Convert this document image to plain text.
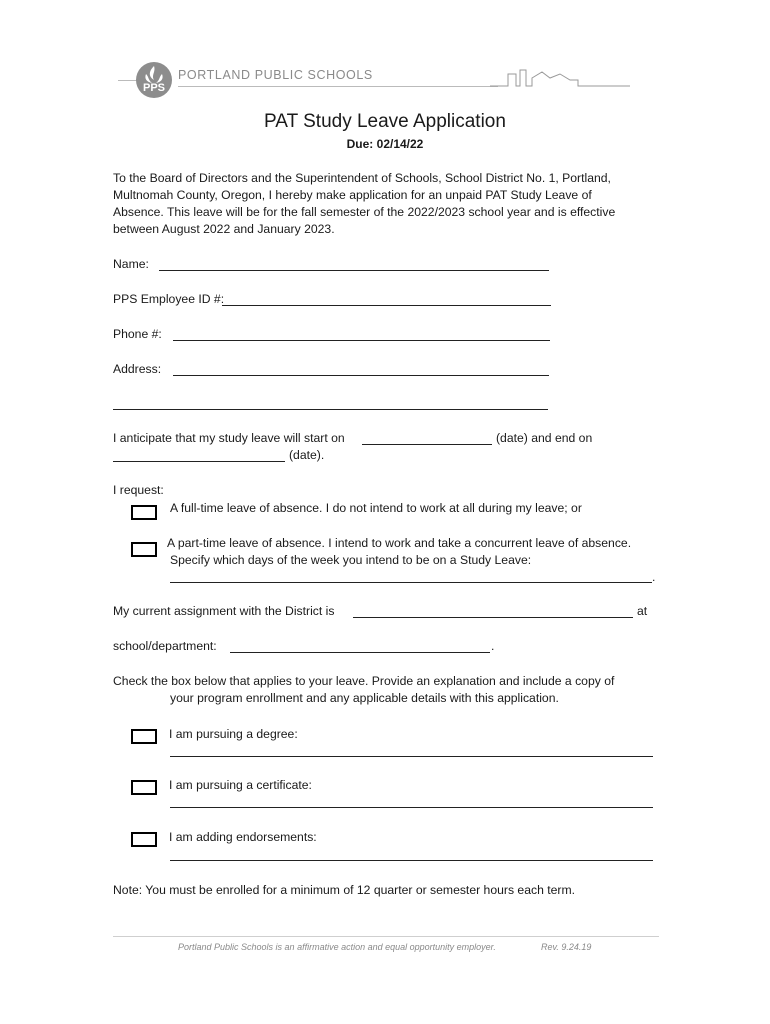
PPS
PORTLAND PUBLIC SCHOOLS
PAT Study Leave Application
Due: 02/14/22
To the Board of Directors and the Superintendent of Schools, School District No. 1, Portland,
Multnomah County, Oregon, I hereby make application for an unpaid PAT Study Leave of
Absence. This leave will be for the fall semester of the 2022/2023 school year and is effective
between August 2022 and January 2023.
Name:
PPS Employee ID #:
Phone #:
Address:
I anticipate that my study leave will start on	(date) and end on
(date).
I request:
A full-time leave of absence. I do not intend to work at all during my leave; or
A part-time leave of absence. I intend to work and take a concurrent leave of absence.
Specify which days of the week you intend to be on a Study Leave:
.
My current assignment with the District is	at
school/department:	.
Check the box below that applies to your leave. Provide an explanation and include a copy of
your program enrollment and any applicable details with this application.
I am pursuing a degree:
I am pursuing a certificate:
I am adding endorsements:
Note: You must be enrolled for a minimum of 12 quarter or semester hours each term.
Portland Public Schools is an affirmative action and equal opportunity employer.	Rev. 9.24.19
